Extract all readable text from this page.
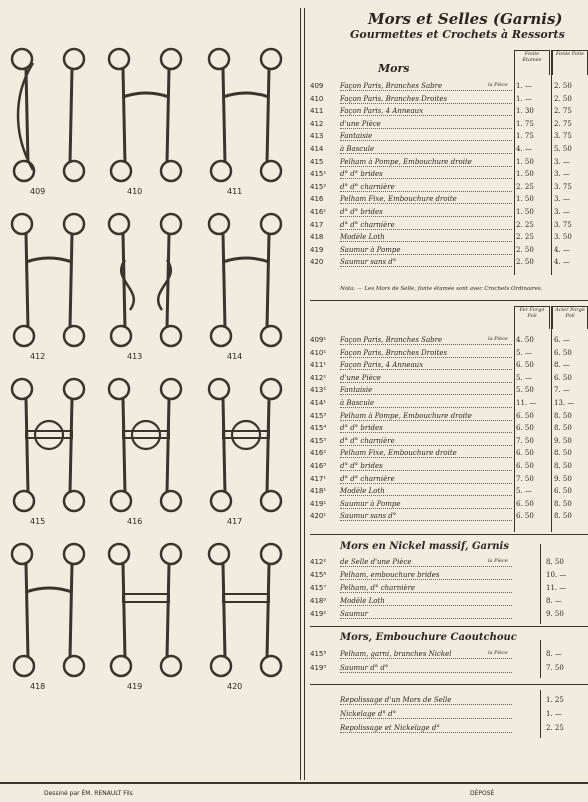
409	410	411
412	413	414
415	416	417
418	419	420
Mors et Selles (Garnis)
Gourmettes et Crochets à Ressorts
Fonte Étamée
Fonte Polie
Mors
409	Façon Paris, Branches Sabre	la Pièce 1. —	2. 50
410	Façon Paris, Branches Droites	1. —	2. 50
411	Façon Paris, 4 Anneaux	1. 30	2. 75
412	d'une Pièce	1. 75	2. 75
413	Fantaisie	1. 75	3. 75
414	à Bascule	4. —	5. 50
415	Pelham à Pompe, Embouchure droite	1. 50	3. —
415¹	d° d° brides	1. 50	3. —
415²	d° d° charnière	2. 25	3. 75
416	Pelham Fixe, Embouchure droite	1. 50	3. —
416¹	d° d° brides	1. 50	3. —
417	d° d° charnière	2. 25	3. 75
418	Modèle Loth	2. 25	3. 50
419	Saumur à Pompe	2. 50	4. —
420	Saumur sans d°	2. 50	4. —
Nota. — Les Mors de Selle, fonte étamée sont avec Crochets Ordinaires.
Fer Forgé Poli
Acier Forgé Poli
409¹	Façon Paris, Branches Sabre	la Pièce 4. 50	6. —
410¹	Façon Paris, Branches Droites	5. —	6. 50
411¹	Façon Paris, 4 Anneaux	6. 50	8. —
412¹	d'une Pièce	5. —	6. 50
413¹	Fantaisie	5. 50	7. —
414¹	à Bascule	11. —	13. —
415³	Pelham à Pompe, Embouchure droite	6. 50	8. 50
415⁴	d° d° brides	6. 50	8. 50
415⁵	d° d° charnière	7. 50	9. 50
416²	Pelham Fixe, Embouchure droite	6. 50	8. 50
416³	d° d° brides	6. 50	8. 50
417¹	d° d° charnière	7. 50	9. 50
418¹	Modèle Loth	5. —	6. 50
419¹	Saumur à Pompe	6. 50	8. 50
420¹	Saumur sans d°	6. 50	8. 50
Mors en Nickel massif, Garnis
412²	de Selle d'une Pièce	la Pièce	8. 50
415⁶	Pelham, embouchure brides	10. —
415⁷	Pelham, d° charnière	11. —
418²	Modèle Loth	8. —
419²	Saumur	9. 50
Mors, Embouchure Caoutchouc
415⁸	Pelham, garni, branches Nickel	la Pièce	8. —
419³	Saumur d° d°	7. 50
Repolissage d'un Mors de Selle	1. 25
Nickelage d° d°	1. —
Repolissage et Nickelage d°	2. 25
Dessiné par ÉM. RENAULT Fils	DÉPOSÉ
